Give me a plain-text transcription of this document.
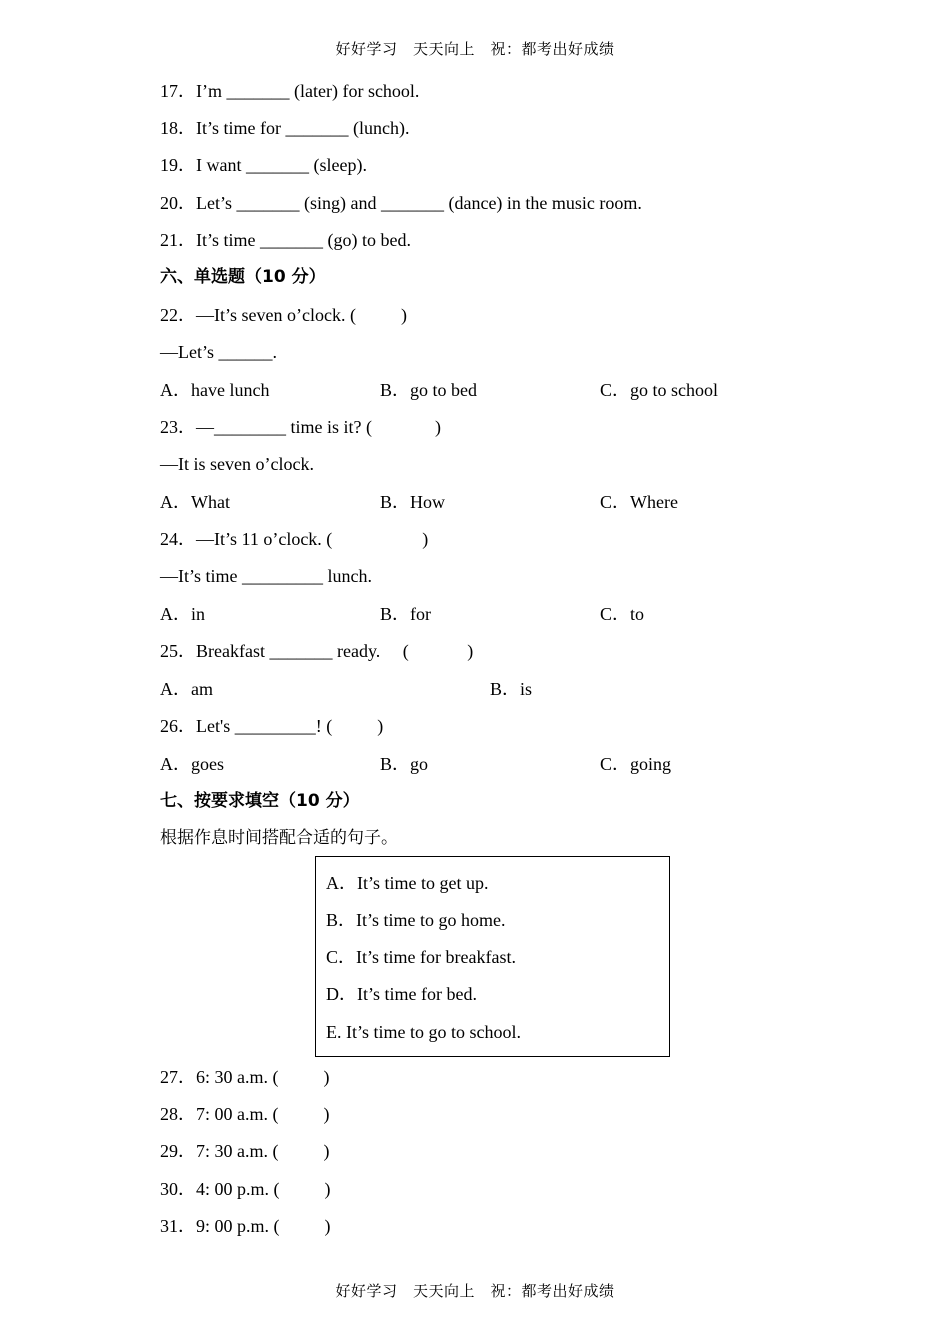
好好学习　天天向上　祝：都考出好成绩
17．I’m _______ (later) for school.
18．It’s time for _______ (lunch).
19．I want _______ (sleep).
20．Let’s _______ (sing) and _______ (dance) in the music room.
21．It’s time _______ (go) to bed.
六、单选题（10 分）
22．—It’s seven o’clock. (          )
—Let’s ______.
A．have lunch	B．go to bed	C．go to school
23．—________ time is it? (              )
—It is seven o’clock.
A．What	B．How	C．Where
24．—It’s 11 o’clock. (                    )
—It’s time _________ lunch.
A．in	B．for	C．to
25．Breakfast _______ ready.     (             )
A．am	B．is
26．Let's _________! (          )
A．goes	B．go	C．going
七、按要求填空（10 分）
根据作息时间搭配合适的句子。
A．It’s time to get up.
B．It’s time to go home.
C．It’s time for breakfast.
D．It’s time for bed.
E. It’s time to go to school.
27．6: 30 a.m. (          )
28．7: 00 a.m. (          )
29．7: 30 a.m. (          )
30．4: 00 p.m. (          )
31．9: 00 p.m. (          )
好好学习　天天向上　祝：都考出好成绩
